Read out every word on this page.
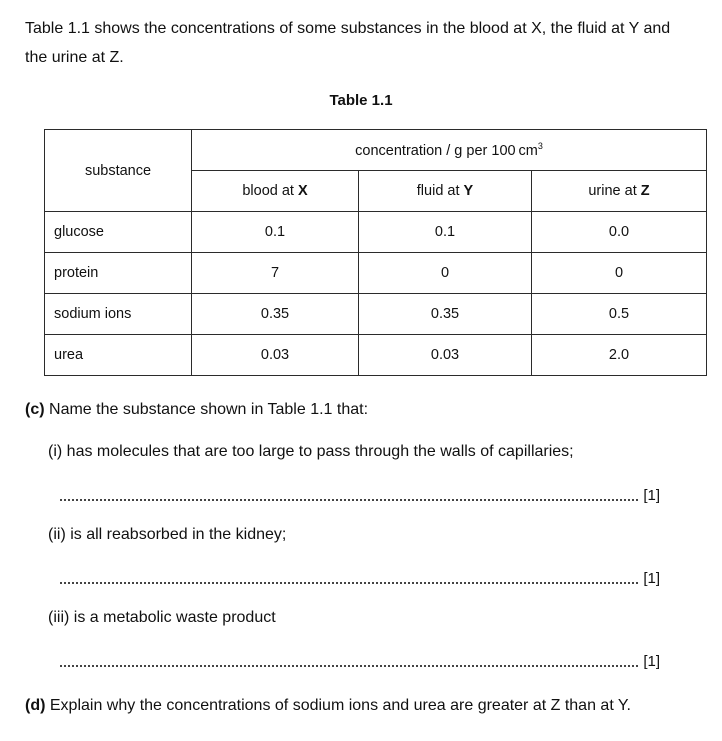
Table 1.1 shows the concentrations of some substances in the blood at X, the fluid at Y and the urine at Z.
Table 1.1
substance	concentration / g per 100 $cm^3$
	blood at X	fluid at Y	urine at Z
glucose	0.1	0.1	0.0
protein	7	0	0
sodium ions	0.35	0.35	0.5
urea	0.03	0.03	2.0
(c) Name the substance shown in Table 1.1 that:
(i) has molecules that are too large to pass through the walls of capillaries;
[1]
(ii) is all reabsorbed in the kidney;
[1]
(iii) is a metabolic waste product
[1]
(d) Explain why the concentrations of sodium ions and urea are greater at Z than at Y.
